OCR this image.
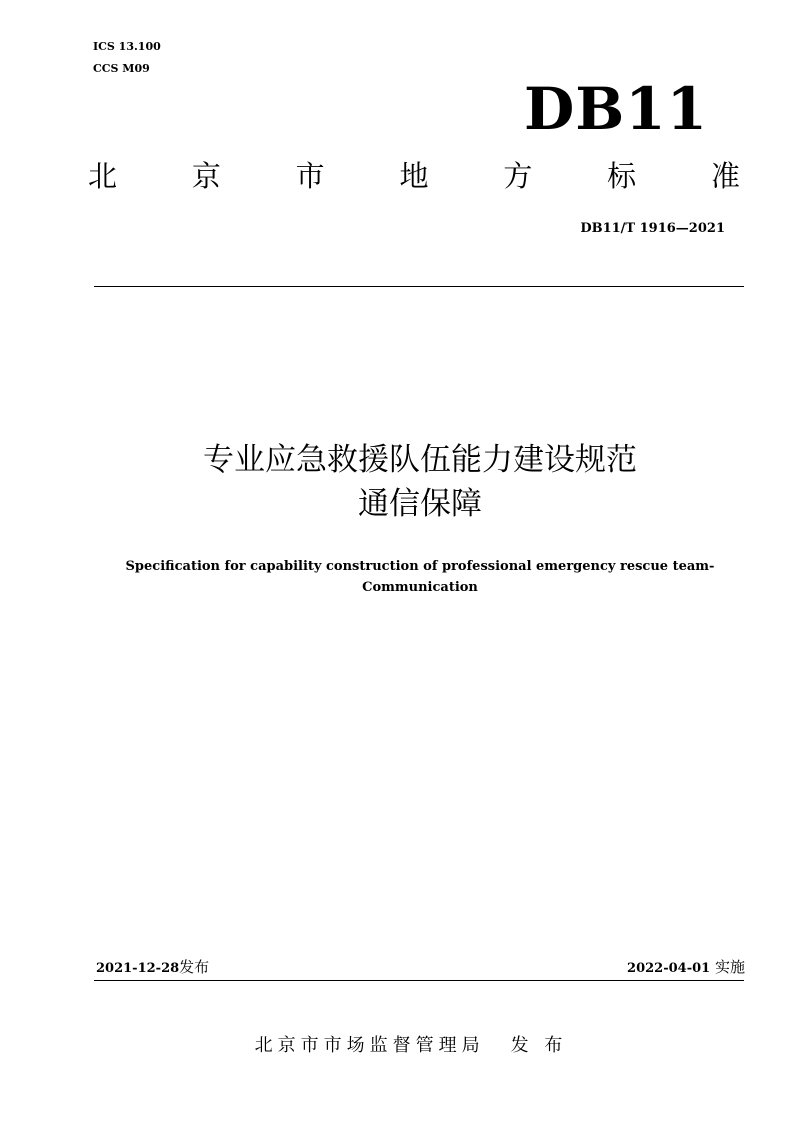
ICS 13.100
CCS M09
DB11
北	京	市	地	方	标	准
DB11/T 1916—2021
专业应急救援队伍能力建设规范
通信保障
Specification for capability construction of professional emergency rescue team- Communication
2021-12-28发布	2022-04-01 实施
北京市市场监督管理局 发 布
